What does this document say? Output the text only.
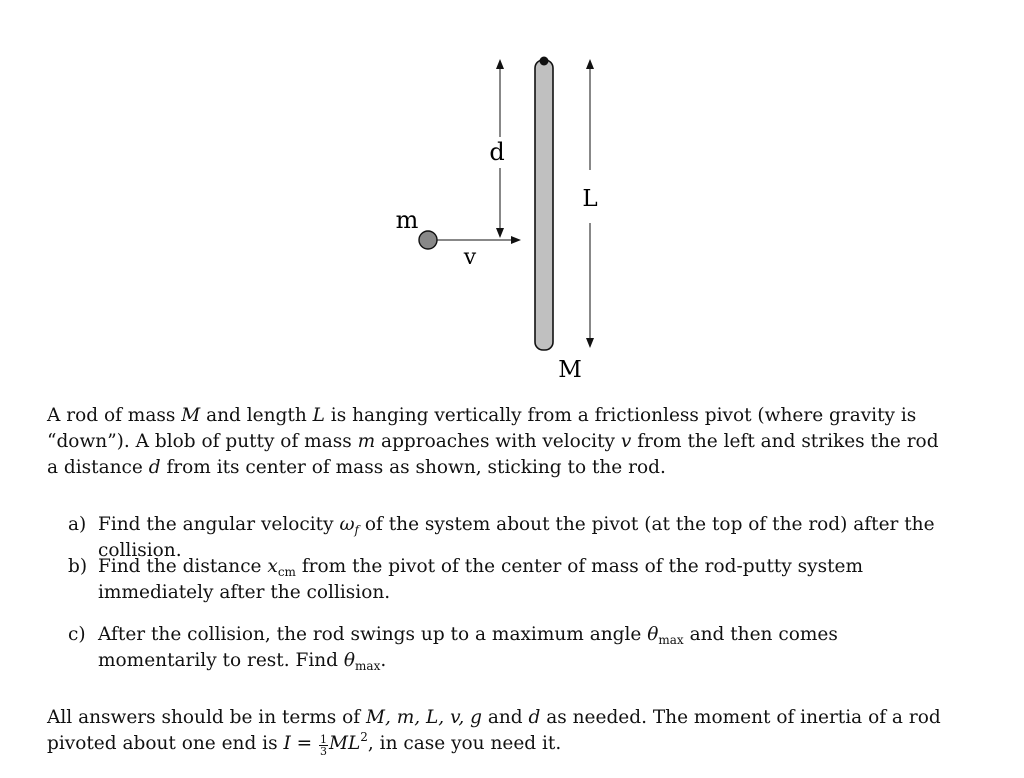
d
L
m
v
M
A rod of mass M and length L is hanging vertically from a frictionless pivot (where gravity is “down”). A blob of putty of mass m approaches with velocity v from the left and strikes the rod a distance d from its center of mass as shown, sticking to the rod.
a) Find the angular velocity $\omega_f$ of the system about the pivot (at the top of the rod) after the collision.
b) Find the distance $x_{cm}$ from the pivot of the center of mass of the rod-putty system immediately after the collision.
c) After the collision, the rod swings up to a maximum angle $\theta_{max}$ and then comes momentarily to rest. Find $\theta_{max}$.
All answers should be in terms of M, m, L, v, g and d as needed. The moment of inertia of a rod pivoted about one end is $I = \frac{1}{3} ML^2$, in case you need it.
